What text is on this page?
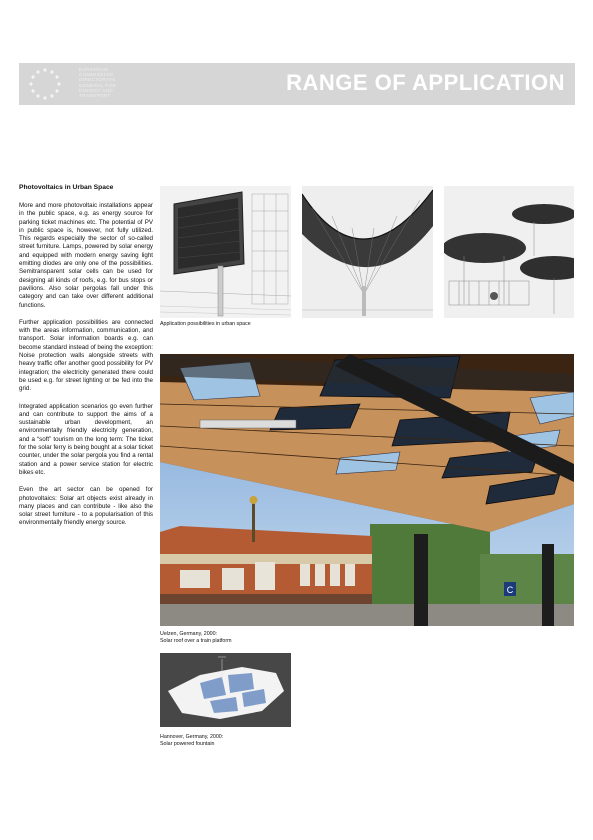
EUROPEAN
COMMISSION
DIRECTORATE
GENERAL FOR
ENERGY AND
TRANSPORT
RANGE OF APPLICATION
Photovoltaics in Urban Space

More and more photovoltaic installations appear in the public space, e.g. as energy source for parking ticket machines etc. The potential of PV in public space is, however, not fully utilized. This regards especially the sector of so-called street furniture. Lamps, powered by solar energy and equipped with modern energy saving light emitting diodes are only one of the possibilities. Semitransparent solar cells can be used for designing all kinds of roofs, e.g. for bus stops or pavilions. Also solar pergolas fall under this category and can take over different additional functions.

Further application possibilities are connected with the areas information, communication, and transport. Solar information boards e.g. can become standard instead of being the exception: Noise protection walls alongside streets with heavy traffic offer another good possibility for PV integration; the electricity generated there could be used e.g. for street lighting or be fed into the grid.

Integrated application scenarios go even further and can contribute to support the aims of a sustainable urban development, an environmentally friendly electricity generation, and a “soft” tourism on the long term: The ticket for the solar ferry is being bought at a solar ticket counter, under the solar pergola you find a rental station and a power service station for electric bikes etc.

Even the art sector can be opened for photovoltaics: Solar art objects exist already in many places and can contribute - like also the solar street furniture - to a popularisation of this environmentally friendly energy source.

Application possibilities in urban space
C
Uelzen, Germany, 2000:
Solar roof over a train platform
Hannover, Germany, 2000:
Solar powered fountain
